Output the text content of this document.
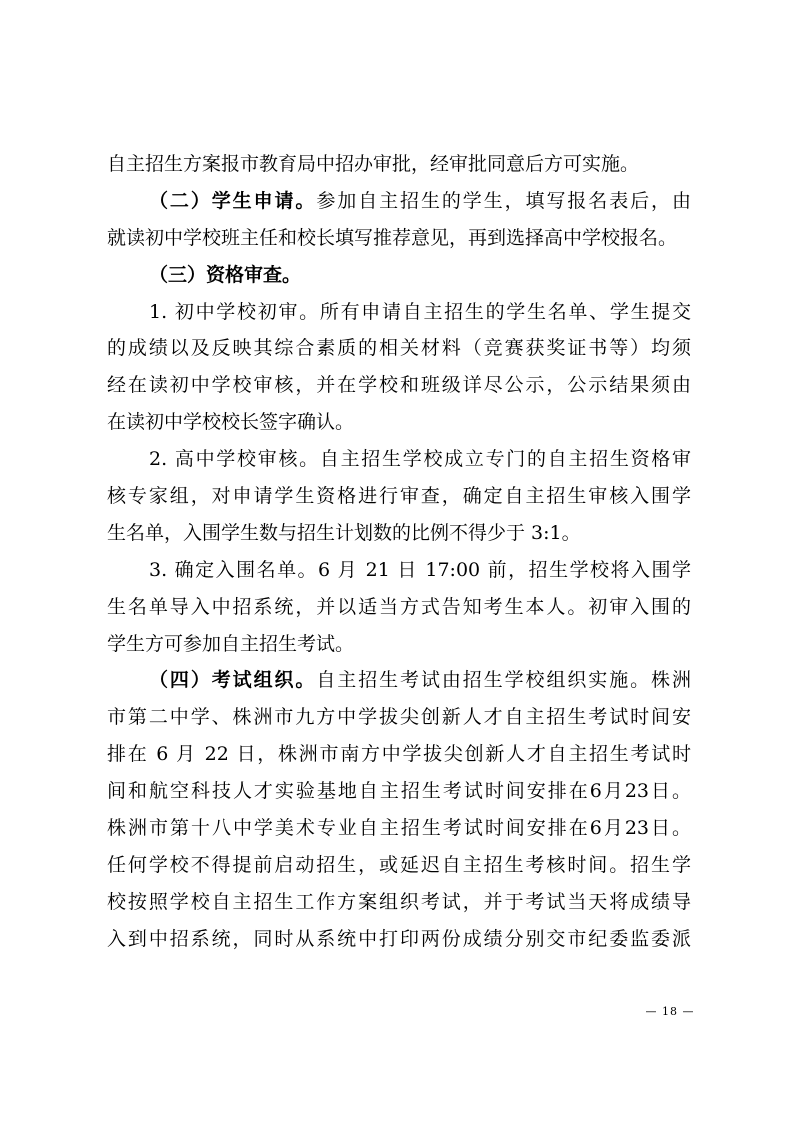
自主招生方案报市教育局中招办审批，经审批同意后方可实施。
（二）学生申请。参加自主招生的学生，填写报名表后，由
就读初中学校班主任和校长填写推荐意见，再到选择高中学校报名。
（三）资格审查。
1. 初中学校初审。所有申请自主招生的学生名单、学生提交
的成绩以及反映其综合素质的相关材料（竞赛获奖证书等）均须
经在读初中学校审核，并在学校和班级详尽公示，公示结果须由
在读初中学校校长签字确认。
2. 高中学校审核。自主招生学校成立专门的自主招生资格审
核专家组，对申请学生资格进行审查，确定自主招生审核入围学
生名单，入围学生数与招生计划数的比例不得少于 3:1。
3. 确定入围名单。6 月 21 日 17:00 前，招生学校将入围学
生名单导入中招系统，并以适当方式告知考生本人。初审入围的
学生方可参加自主招生考试。
（四）考试组织。自主招生考试由招生学校组织实施。株洲
市第二中学、株洲市九方中学拔尖创新人才自主招生考试时间安
排在 6 月 22 日，株洲市南方中学拔尖创新人才自主招生考试时
间和航空科技人才实验基地自主招生考试时间安排在6月23日。
株洲市第十八中学美术专业自主招生考试时间安排在6月23日。
任何学校不得提前启动招生，或延迟自主招生考核时间。招生学
校按照学校自主招生工作方案组织考试，并于考试当天将成绩导
入到中招系统，同时从系统中打印两份成绩分别交市纪委监委派
— 18 —
